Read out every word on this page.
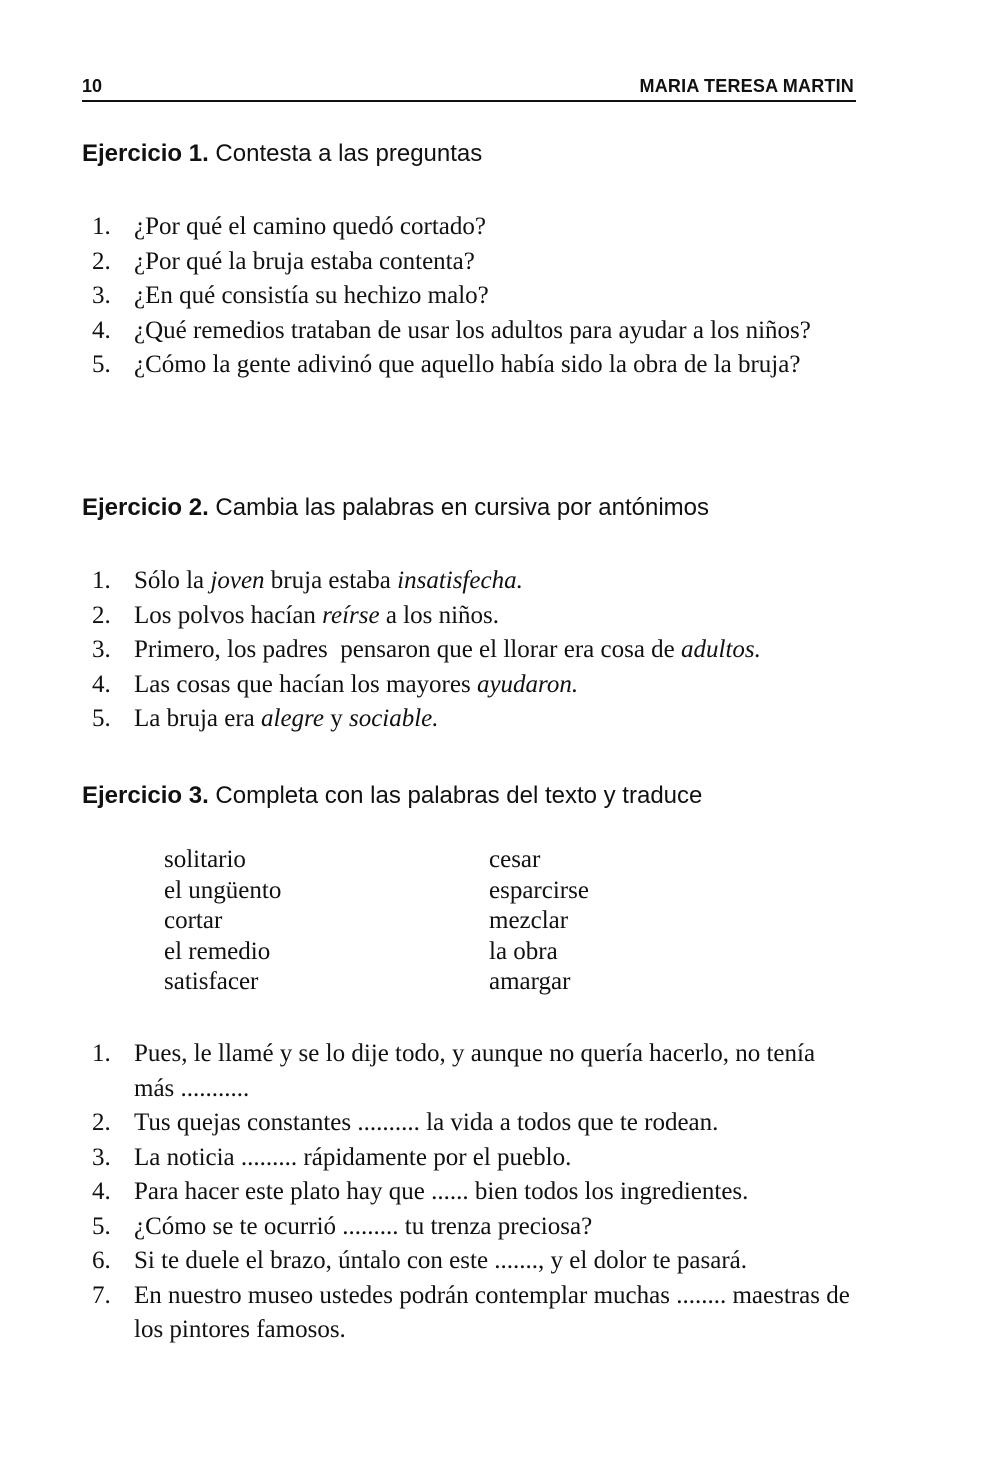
10	MARIA TERESA MARTIN
Ejercicio 1. Contesta a las preguntas
1. ¿Por qué el camino quedó cortado?
2. ¿Por qué la bruja estaba contenta?
3. ¿En qué consistía su hechizo malo?
4. ¿Qué remedios trataban de usar los adultos para ayudar a los niños?
5. ¿Cómo la gente adivinó que aquello había sido la obra de la bruja?
Ejercicio 2. Cambia las palabras en cursiva por antónimos
1. Sólo la joven bruja estaba insatisfecha.
2. Los polvos hacían reírse a los niños.
3. Primero, los padres  pensaron que el llorar era cosa de adultos.
4. Las cosas que hacían los mayores ayudaron.
5. La bruja era alegre y sociable.
Ejercicio 3. Completa con las palabras del texto y traduce
solitario
el ungüento
cortar
el remedio
satisfacer
cesar
esparcirse
mezclar
la obra
amargar
1. Pues, le llamé y se lo dije todo, y aunque no quería hacerlo, no tenía más ...........
2. Tus quejas constantes .......... la vida a todos que te rodean.
3. La noticia ......... rápidamente por el pueblo.
4. Para hacer este plato hay que ...... bien todos los ingredientes.
5. ¿Cómo se te ocurrió ......... tu trenza preciosa?
6. Si te duele el brazo, úntalo con este ......., y el dolor te pasará.
7. En nuestro museo ustedes podrán contemplar muchas ........ maestras de los pintores famosos.
